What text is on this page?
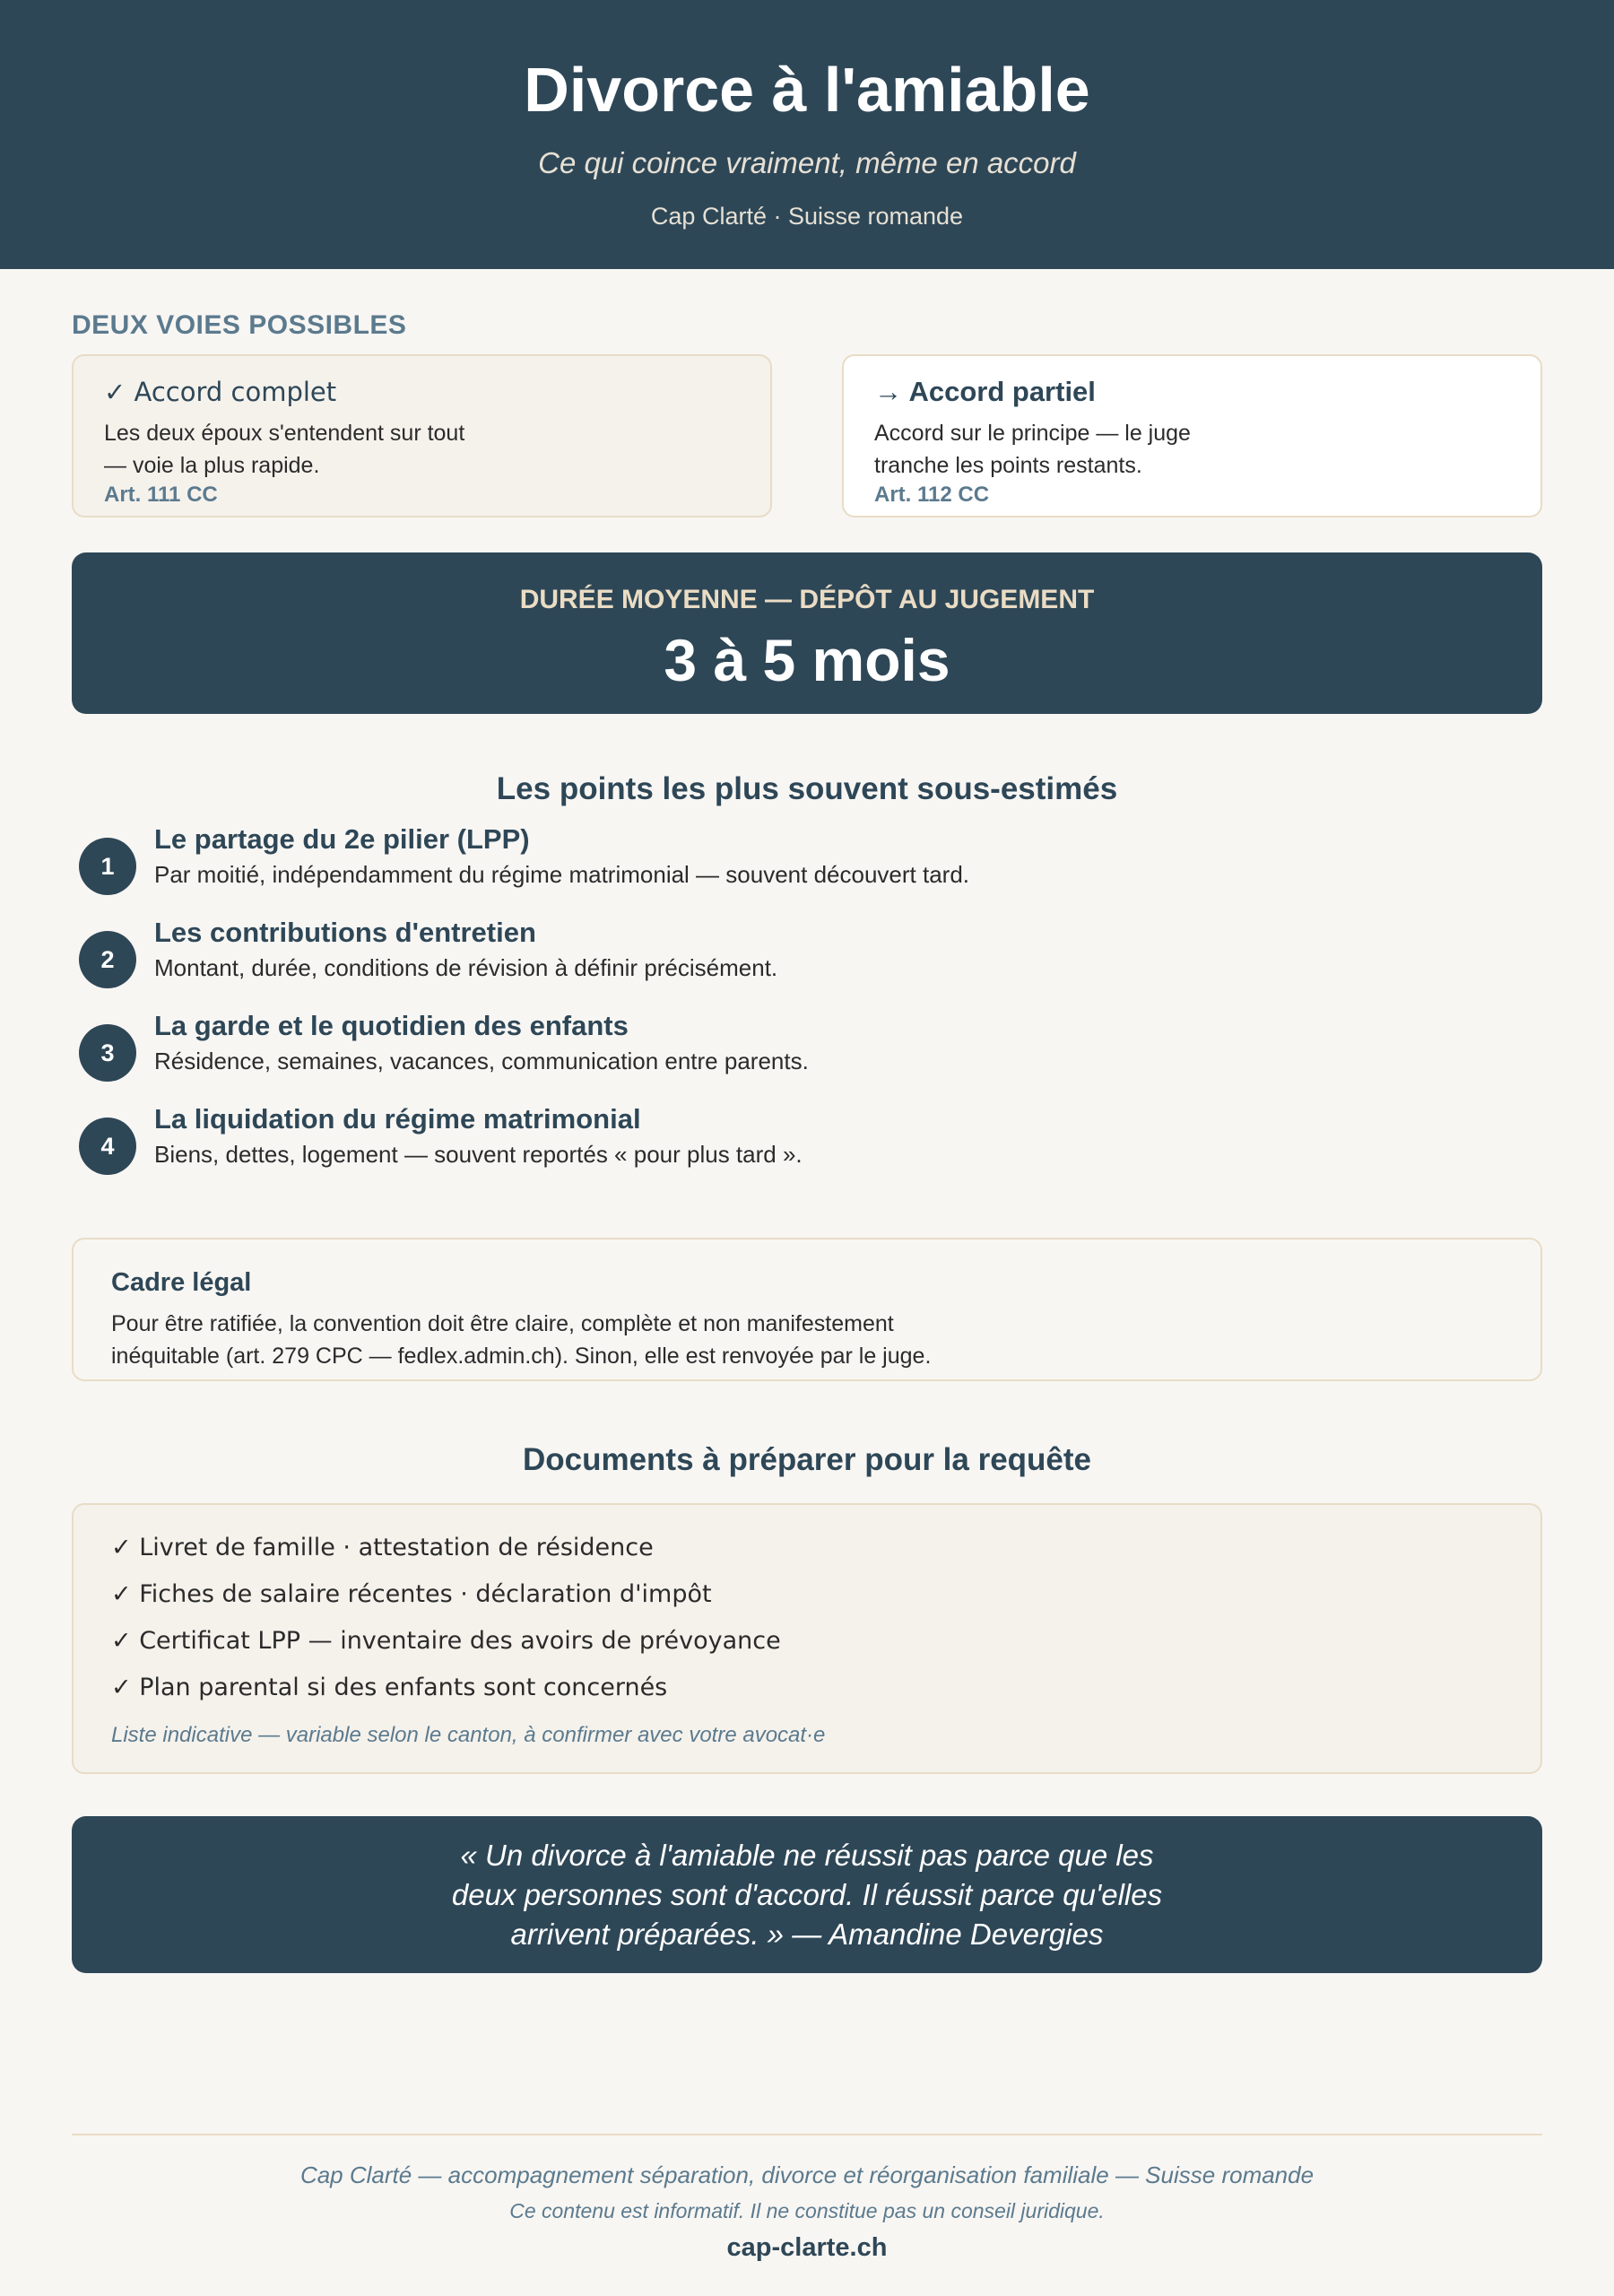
Divorce à l'amiable
Ce qui coince vraiment, même en accord
Cap Clarté · Suisse romande
DEUX VOIES POSSIBLES
✓ Accord complet
Les deux époux s'entendent sur tout — voie la plus rapide.
Art. 111 CC
→ Accord partiel
Accord sur le principe — le juge tranche les points restants.
Art. 112 CC
DURÉE MOYENNE — DÉPÔT AU JUGEMENT
3 à 5 mois
Les points les plus souvent sous-estimés
1
Le partage du 2e pilier (LPP)
Par moitié, indépendamment du régime matrimonial — souvent découvert tard.
2
Les contributions d'entretien
Montant, durée, conditions de révision à définir précisément.
3
La garde et le quotidien des enfants
Résidence, semaines, vacances, communication entre parents.
4
La liquidation du régime matrimonial
Biens, dettes, logement — souvent reportés « pour plus tard ».
Cadre légal
Pour être ratifiée, la convention doit être claire, complète et non manifestement inéquitable (art. 279 CPC — fedlex.admin.ch). Sinon, elle est renvoyée par le juge.
Documents à préparer pour la requête
✓ Livret de famille · attestation de résidence
✓ Fiches de salaire récentes · déclaration d'impôt
✓ Certificat LPP — inventaire des avoirs de prévoyance
✓ Plan parental si des enfants sont concernés
Liste indicative — variable selon le canton, à confirmer avec votre avocat·e
« Un divorce à l'amiable ne réussit pas parce que les deux personnes sont d'accord. Il réussit parce qu'elles arrivent préparées. » — Amandine Devergies
Cap Clarté — accompagnement séparation, divorce et réorganisation familiale — Suisse romande
Ce contenu est informatif. Il ne constitue pas un conseil juridique.
cap-clarte.ch
